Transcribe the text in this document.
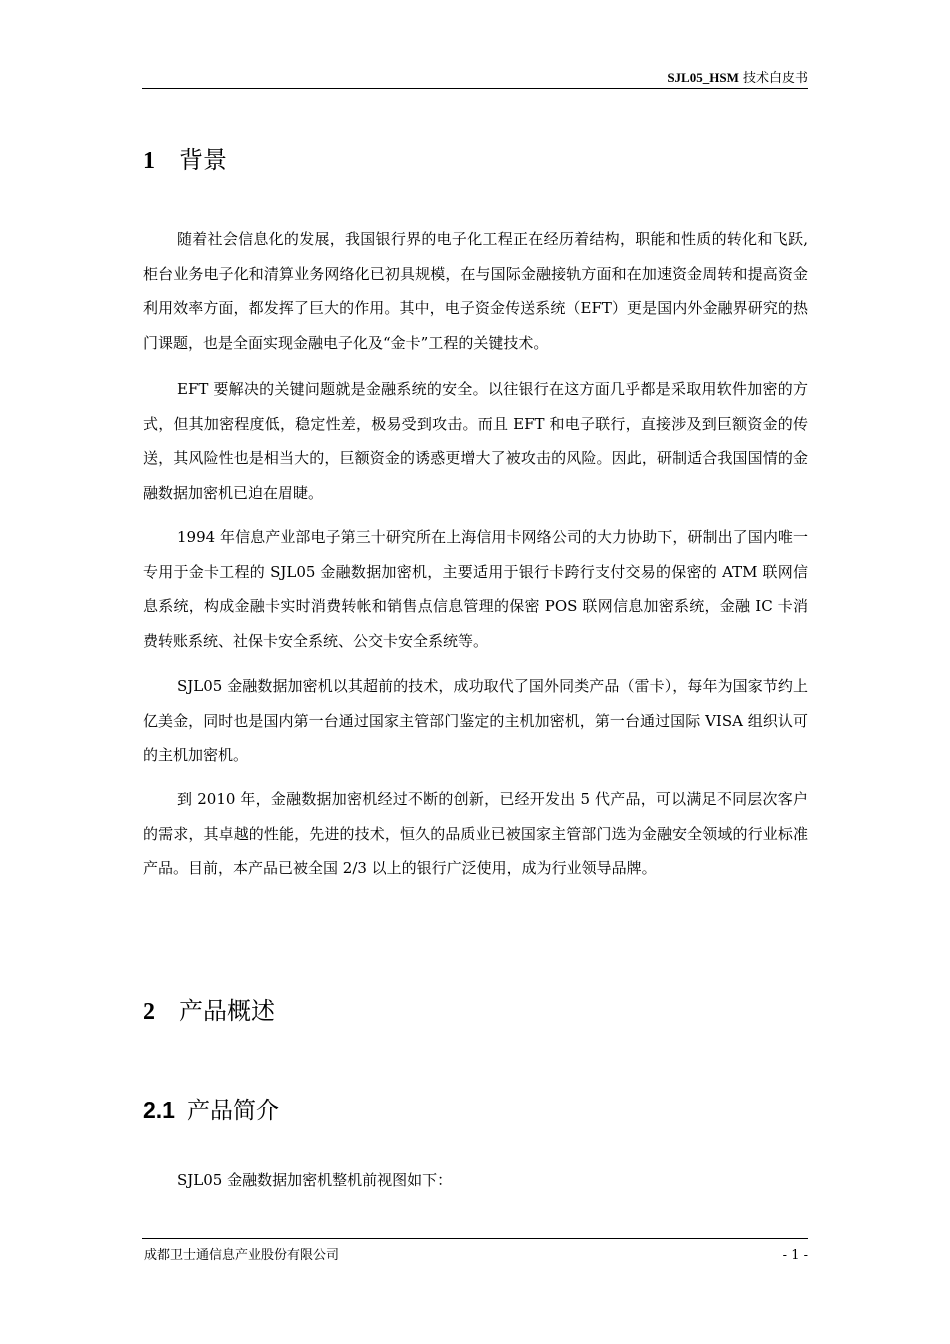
SJL05_HSM 技术白皮书
1 背景

随着社会信息化的发展，我国银行界的电子化工程正在经历着结构，职能和性质的转化和飞跃,柜台业务电子化和清算业务网络化已初具规模，在与国际金融接轨方面和在加速资金周转和提高资金利用效率方面，都发挥了巨大的作用。其中，电子资金传送系统（EFT）更是国内外金融界研究的热门课题，也是全面实现金融电子化及“金卡”工程的关键技术。

EFT 要解决的关键问题就是金融系统的安全。以往银行在这方面几乎都是采取用软件加密的方式，但其加密程度低，稳定性差，极易受到攻击。而且 EFT 和电子联行，直接涉及到巨额资金的传送，其风险性也是相当大的，巨额资金的诱惑更增大了被攻击的风险。因此，研制适合我国国情的金融数据加密机已迫在眉睫。

1994 年信息产业部电子第三十研究所在上海信用卡网络公司的大力协助下，研制出了国内唯一专用于金卡工程的 SJL05 金融数据加密机，主要适用于银行卡跨行支付交易的保密的 ATM 联网信息系统，构成金融卡实时消费转帐和销售点信息管理的保密 POS 联网信息加密系统，金融 IC 卡消费转账系统、社保卡安全系统、公交卡安全系统等。

SJL05 金融数据加密机以其超前的技术，成功取代了国外同类产品（雷卡），每年为国家节约上亿美金，同时也是国内第一台通过国家主管部门鉴定的主机加密机，第一台通过国际 VISA 组织认可的主机加密机。

到 2010 年，金融数据加密机经过不断的创新，已经开发出 5 代产品，可以满足不同层次客户的需求，其卓越的性能，先进的技术，恒久的品质业已被国家主管部门选为金融安全领域的行业标准产品。目前，本产品已被全国 2/3 以上的银行广泛使用，成为行业领导品牌。

2 产品概述
2.1 产品简介

SJL05 金融数据加密机整机前视图如下：

成都卫士通信息产业股份有限公司	- 1 -
